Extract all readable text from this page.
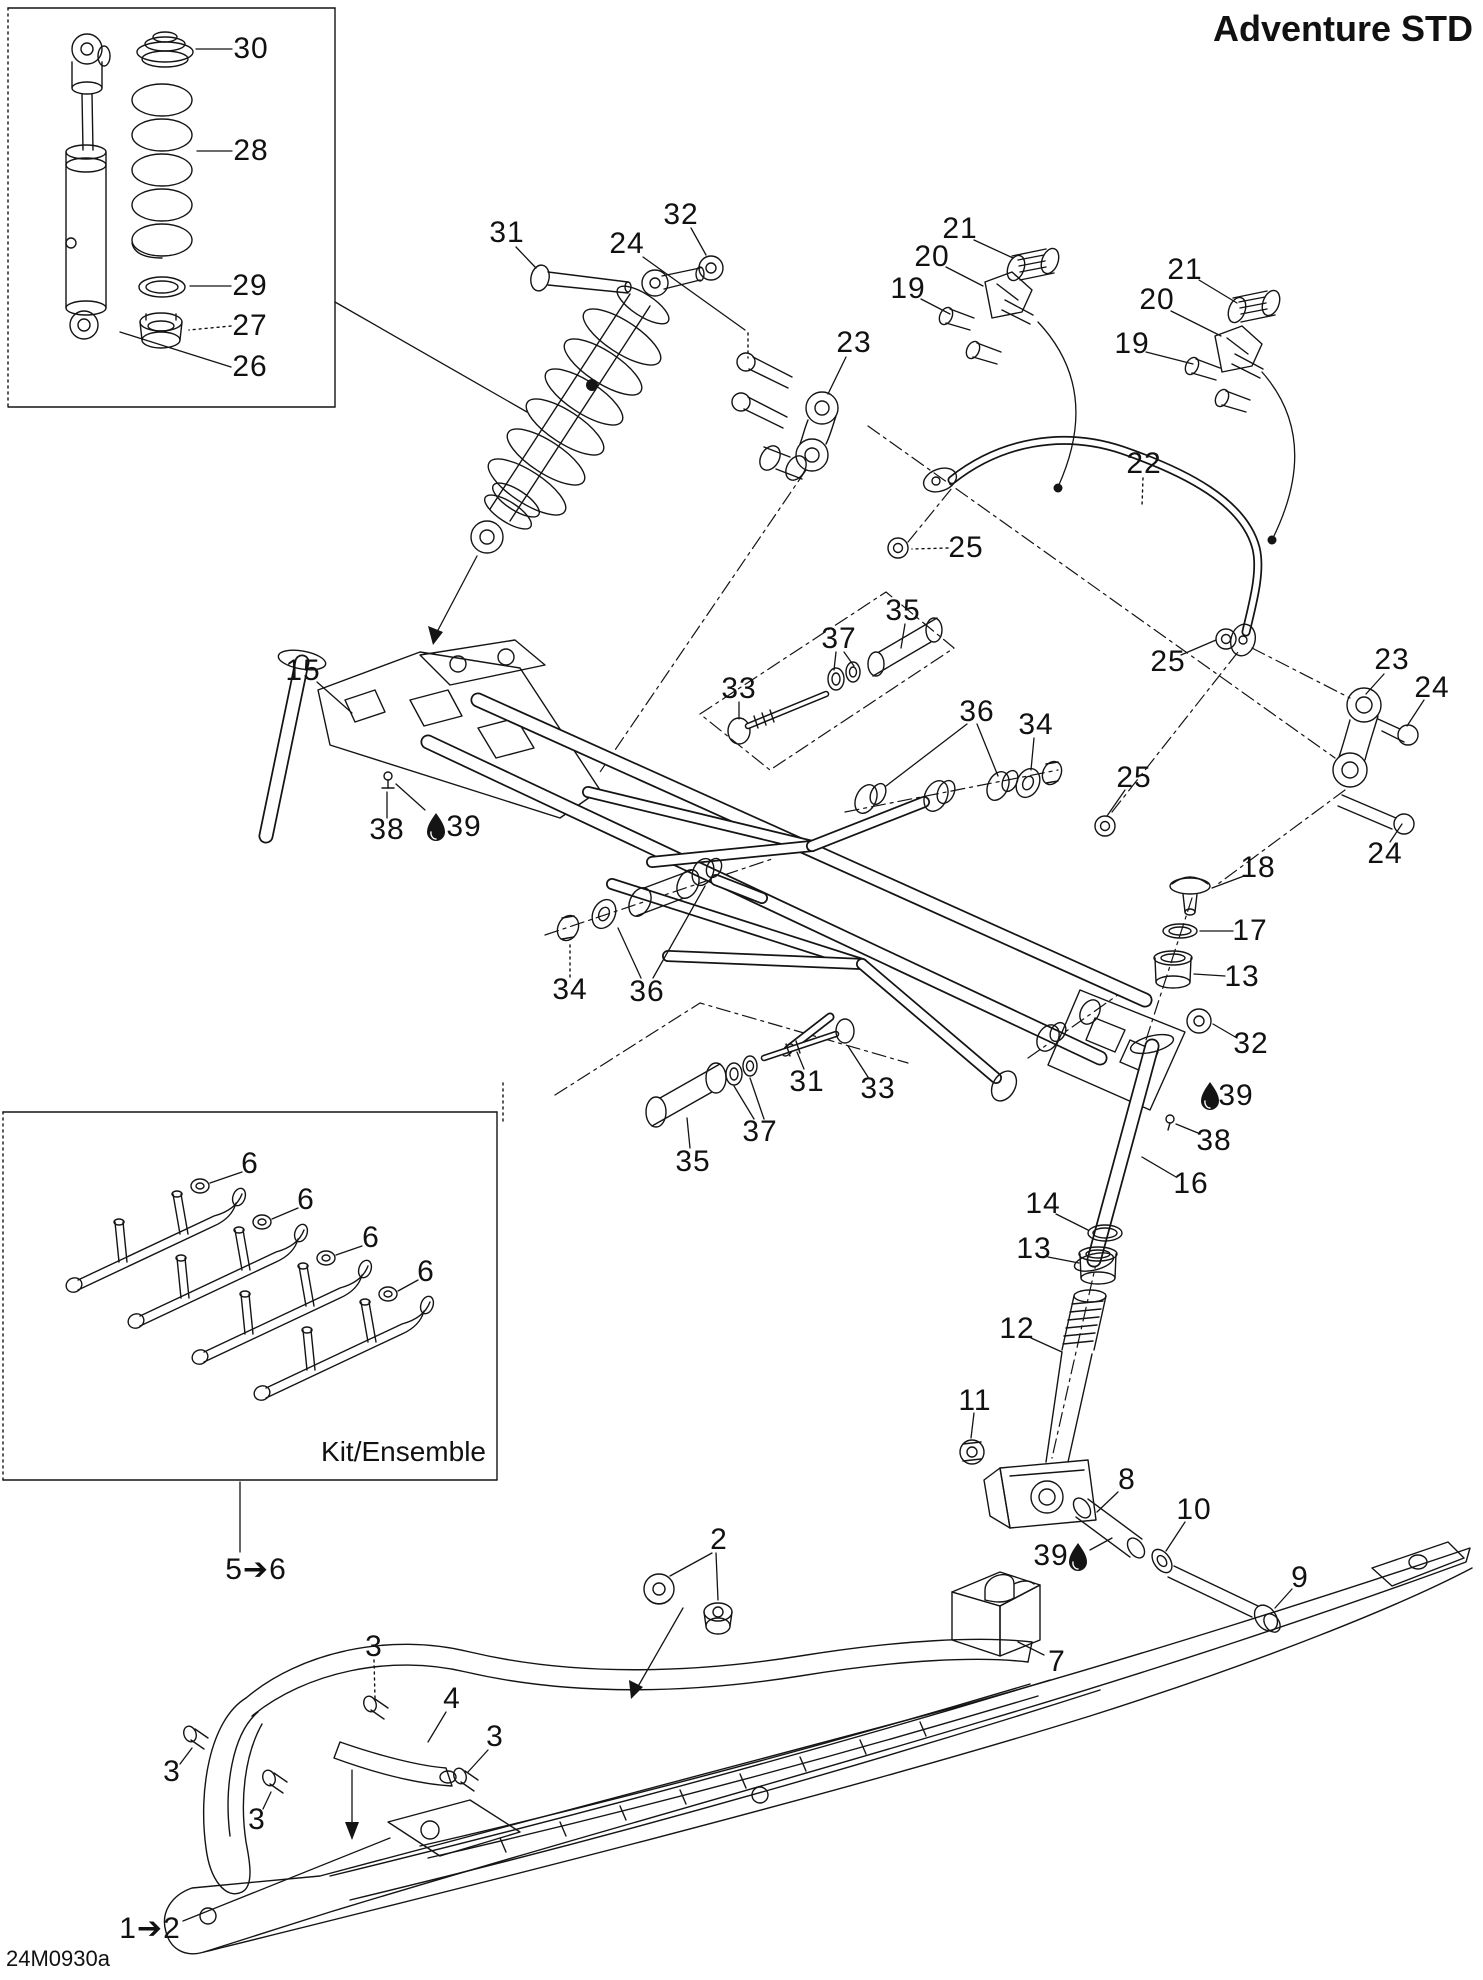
Adventure STD
24M0930a
Kit/Ensemble
30
28
29
27
26
31
32
24
23
21
20
19
21
20
19
22
25
25	23
24
24
25
15
38 39
33
37
35
36 34
34 36
33
37
35
31
18
17
13
32
39
38
16
14
13
12
11
8
39
10
9
7
2
3
4
3
3
3
1➔2
5➔6
6
6
6
6
